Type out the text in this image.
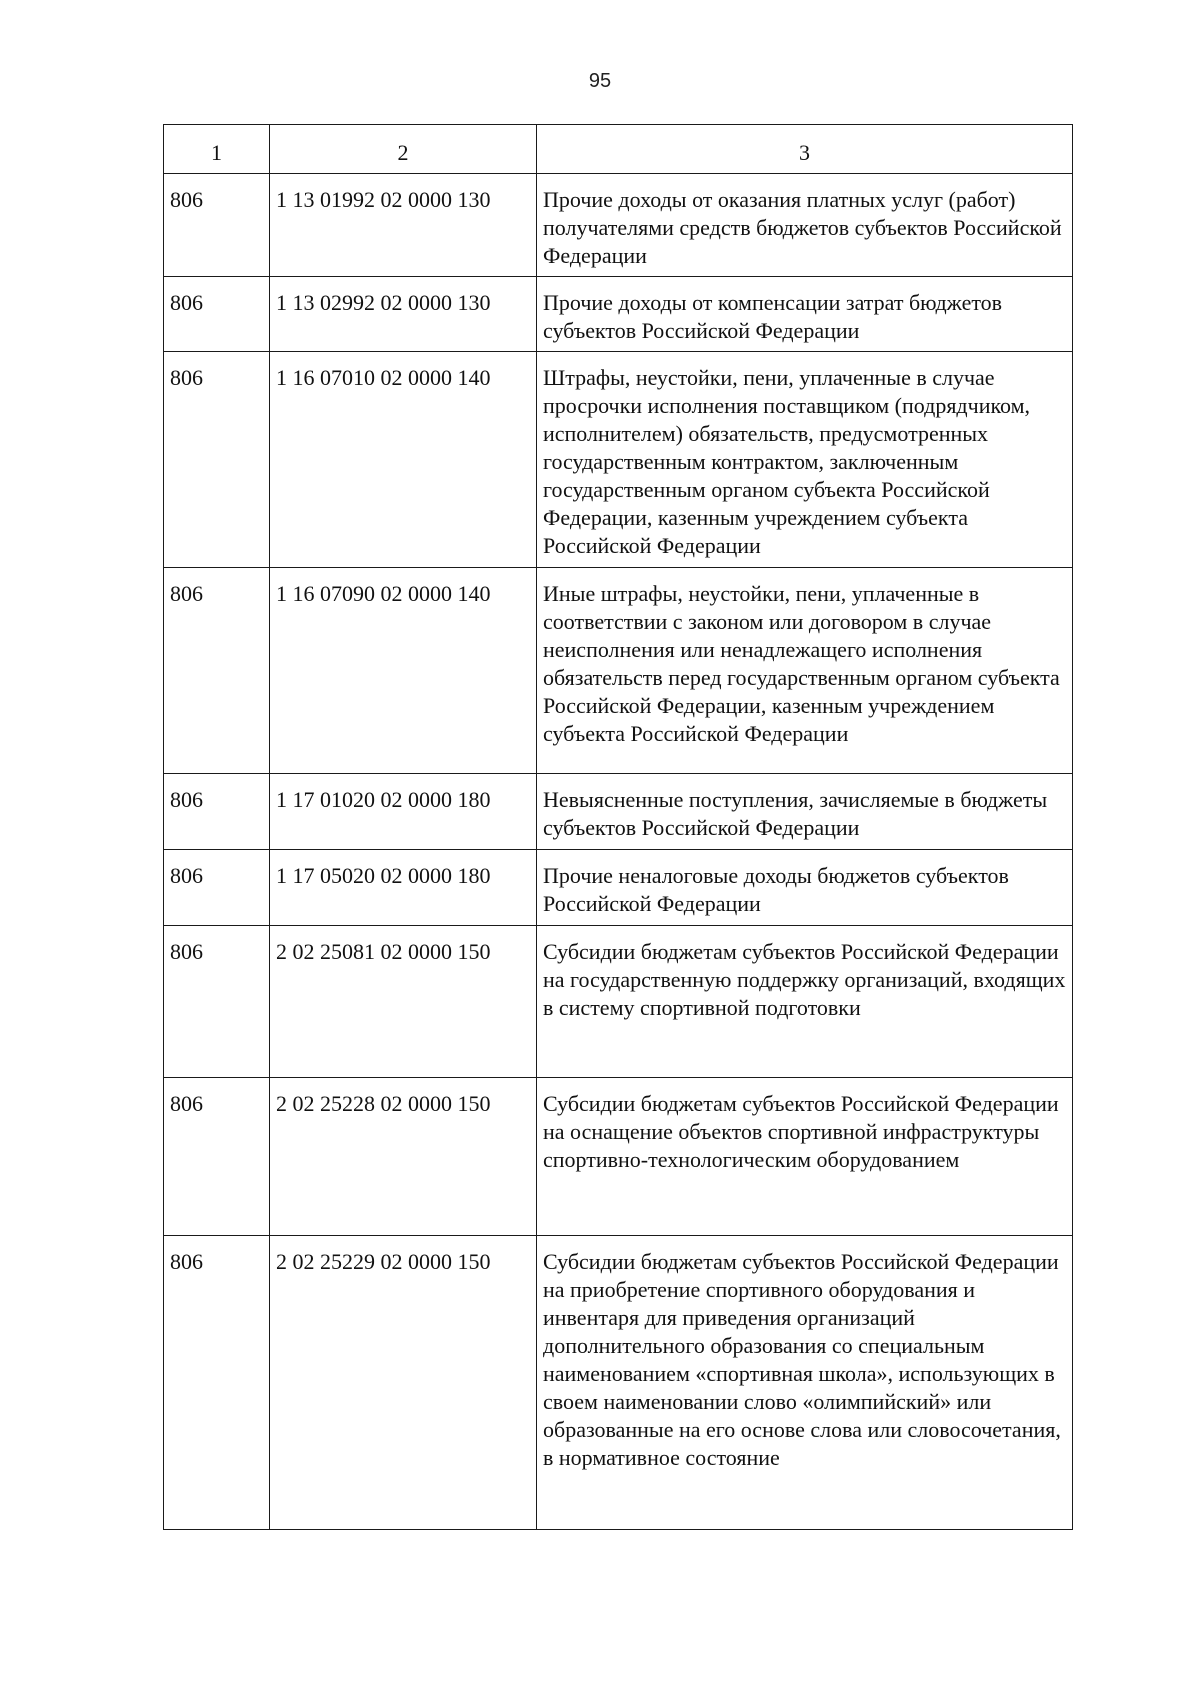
95
1	2	3
806	1 13 01992 02 0000 130	Прочие доходы от оказания платных услуг (работ) получателями средств бюджетов субъектов Российской Федерации
806	1 13 02992 02 0000 130	Прочие доходы от компенсации затрат бюджетов субъектов Российской Федерации
806	1 16 07010 02 0000 140	Штрафы, неустойки, пени, уплаченные в случае просрочки исполнения поставщиком (подрядчиком, исполнителем) обязательств, предусмотренных государственным контрактом, заключенным государственным органом субъекта Российской Федерации, казенным учреждением субъекта Российской Федерации
806	1 16 07090 02 0000 140	Иные штрафы, неустойки, пени, уплаченные в соответствии с законом или договором в случае неисполнения или ненадлежащего исполнения обязательств перед государственным органом субъекта Российской Федерации, казенным учреждением субъекта Российской Федерации
806	1 17 01020 02 0000 180	Невыясненные поступления, зачисляемые в бюджеты субъектов Российской Федерации
806	1 17 05020 02 0000 180	Прочие неналоговые доходы бюджетов субъектов Российской Федерации
806	2 02 25081 02 0000 150	Субсидии бюджетам субъектов Российской Федерации на государственную поддержку организаций, входящих в систему спортивной подготовки
806	2 02 25228 02 0000 150	Субсидии бюджетам субъектов Российской Федерации на оснащение объектов спортивной инфраструктуры спортивно-технологическим оборудованием
806	2 02 25229 02 0000 150	Субсидии бюджетам субъектов Российской Федерации на приобретение спортивного оборудования и инвентаря для приведения организаций дополнительного образования со специальным наименованием «спортивная школа», использующих в своем наименовании слово «олимпийский» или образованные на его основе слова или словосочетания, в нормативное состояние
